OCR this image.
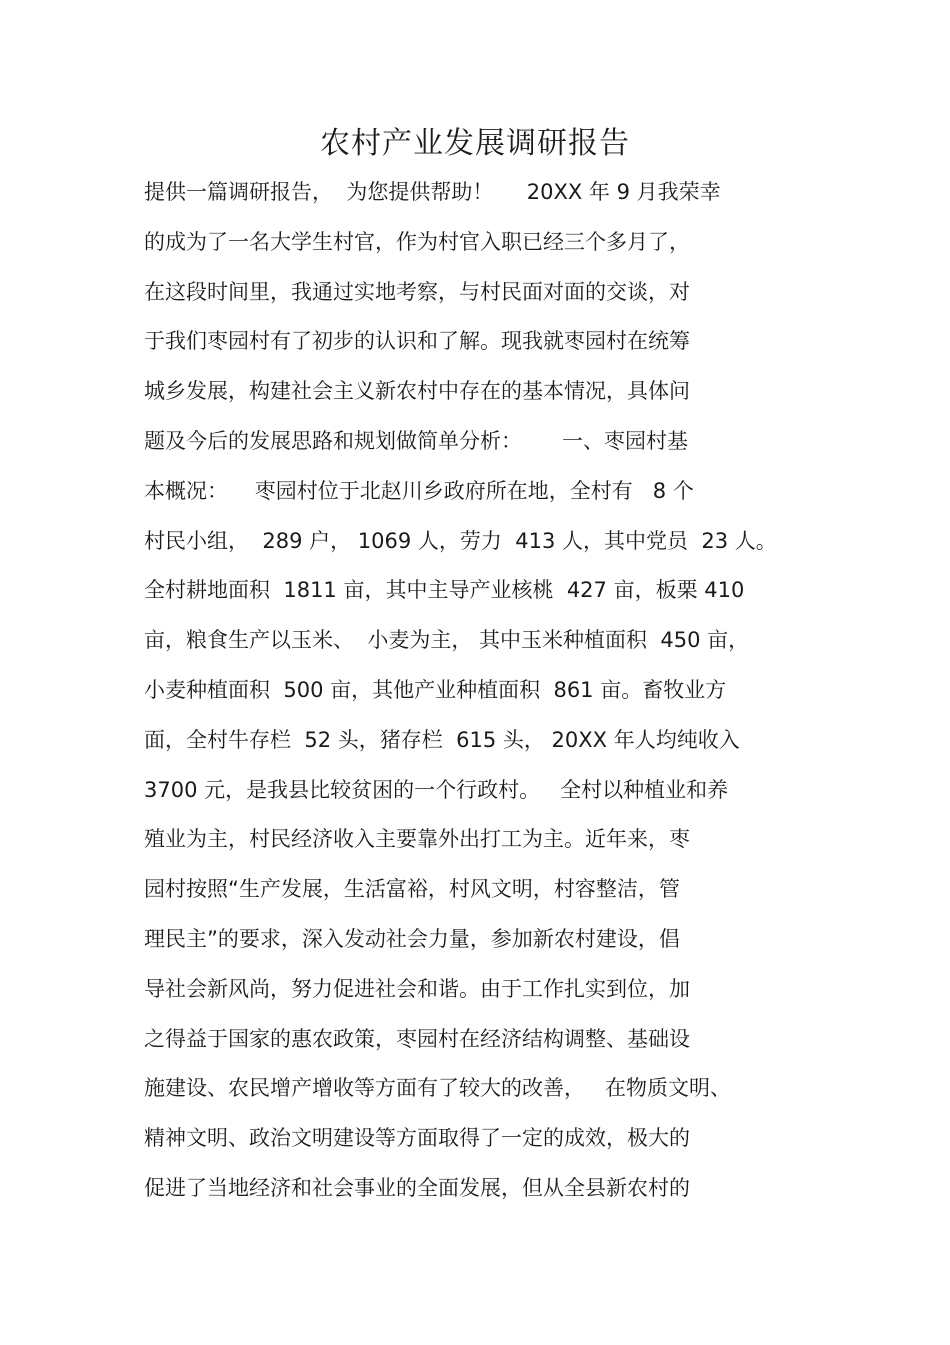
农村产业发展调研报告
提供一篇调研报告，  为您提供帮助！     20XX 年 9 月我荣幸
的成为了一名大学生村官，作为村官入职已经三个多月了，
在这段时间里，我通过实地考察，与村民面对面的交谈，对
于我们枣园村有了初步的认识和了解。现我就枣园村在统筹
城乡发展，构建社会主义新农村中存在的基本情况，具体问
题及今后的发展思路和规划做简单分析：      一、枣园村基
本概况：    枣园村位于北赵川乡政府所在地，全村有   8 个
村民小组，  289 户， 1069 人，劳力  413 人，其中党员  23 人。
全村耕地面积  1811 亩，其中主导产业核桃  427 亩，板栗 410
亩，粮食生产以玉米、  小麦为主， 其中玉米种植面积  450 亩，
小麦种植面积  500 亩，其他产业种植面积  861 亩。畜牧业方
面，全村牛存栏  52 头，猪存栏  615 头， 20XX 年人均纯收入
3700 元，是我县比较贫困的一个行政村。   全村以种植业和养
殖业为主，村民经济收入主要靠外出打工为主。近年来，枣
园村按照“生产发展，生活富裕，村风文明，村容整洁，管
理民主”的要求，深入发动社会力量，参加新农村建设，倡
导社会新风尚，努力促进社会和谐。由于工作扎实到位，加
之得益于国家的惠农政策，枣园村在经济结构调整、基础设
施建设、农民增产增收等方面有了较大的改善，   在物质文明、
精神文明、政治文明建设等方面取得了一定的成效，极大的
促进了当地经济和社会事业的全面发展，但从全县新农村的
